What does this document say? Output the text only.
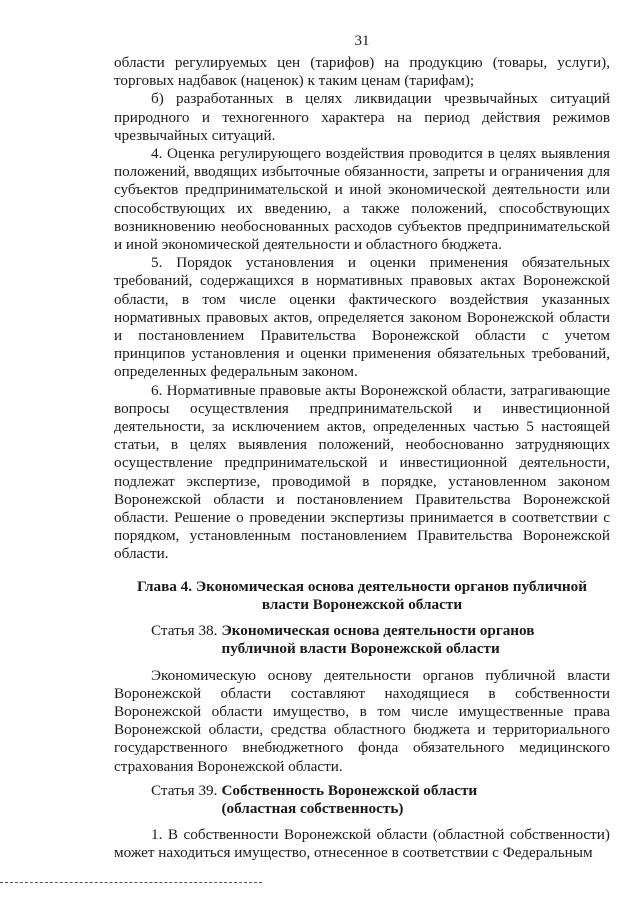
31

области регулируемых цен (тарифов) на продукцию (товары, услуги), торговых надбавок (наценок) к таким ценам (тарифам);

б) разработанных в целях ликвидации чрезвычайных ситуаций природного и техногенного характера на период действия режимов чрезвычайных ситуаций.

4. Оценка регулирующего воздействия проводится в целях выявления положений, вводящих избыточные обязанности, запреты и ограничения для субъектов предпринимательской и иной экономической деятельности или способствующих их введению, а также положений, способствующих возникновению необоснованных расходов субъектов предпринимательской и иной экономической деятельности и областного бюджета.

5. Порядок установления и оценки применения обязательных требований, содержащихся в нормативных правовых актах Воронежской области, в том числе оценки фактического воздействия указанных нормативных правовых актов, определяется законом Воронежской области и постановлением Правительства Воронежской области с учетом принципов установления и оценки применения обязательных требований, определенных федеральным законом.

6. Нормативные правовые акты Воронежской области, затрагивающие вопросы осуществления предпринимательской и инвестиционной деятельности, за исключением актов, определенных частью 5 настоящей статьи, в целях выявления положений, необоснованно затрудняющих осуществление предпринимательской и инвестиционной деятельности, подлежат экспертизе, проводимой в порядке, установленном законом Воронежской области и постановлением Правительства Воронежской области. Решение о проведении экспертизы принимается в соответствии с порядком, установленным постановлением Правительства Воронежской области.

Глава 4. Экономическая основа деятельности органов публичной власти Воронежской области
Статья 38. Экономическая основа деятельности органов публичной власти Воронежской области

Экономическую основу деятельности органов публичной власти Воронежской области составляют находящиеся в собственности Воронежской области имущество, в том числе имущественные права Воронежской области, средства областного бюджета и территориального государственного внебюджетного фонда обязательного медицинского страхования Воронежской области.

Статья 39. Собственность Воронежской области (областная собственность)

1. В собственности Воронежской области (областной собственности) может находиться имущество, отнесенное в соответствии с Федеральным
